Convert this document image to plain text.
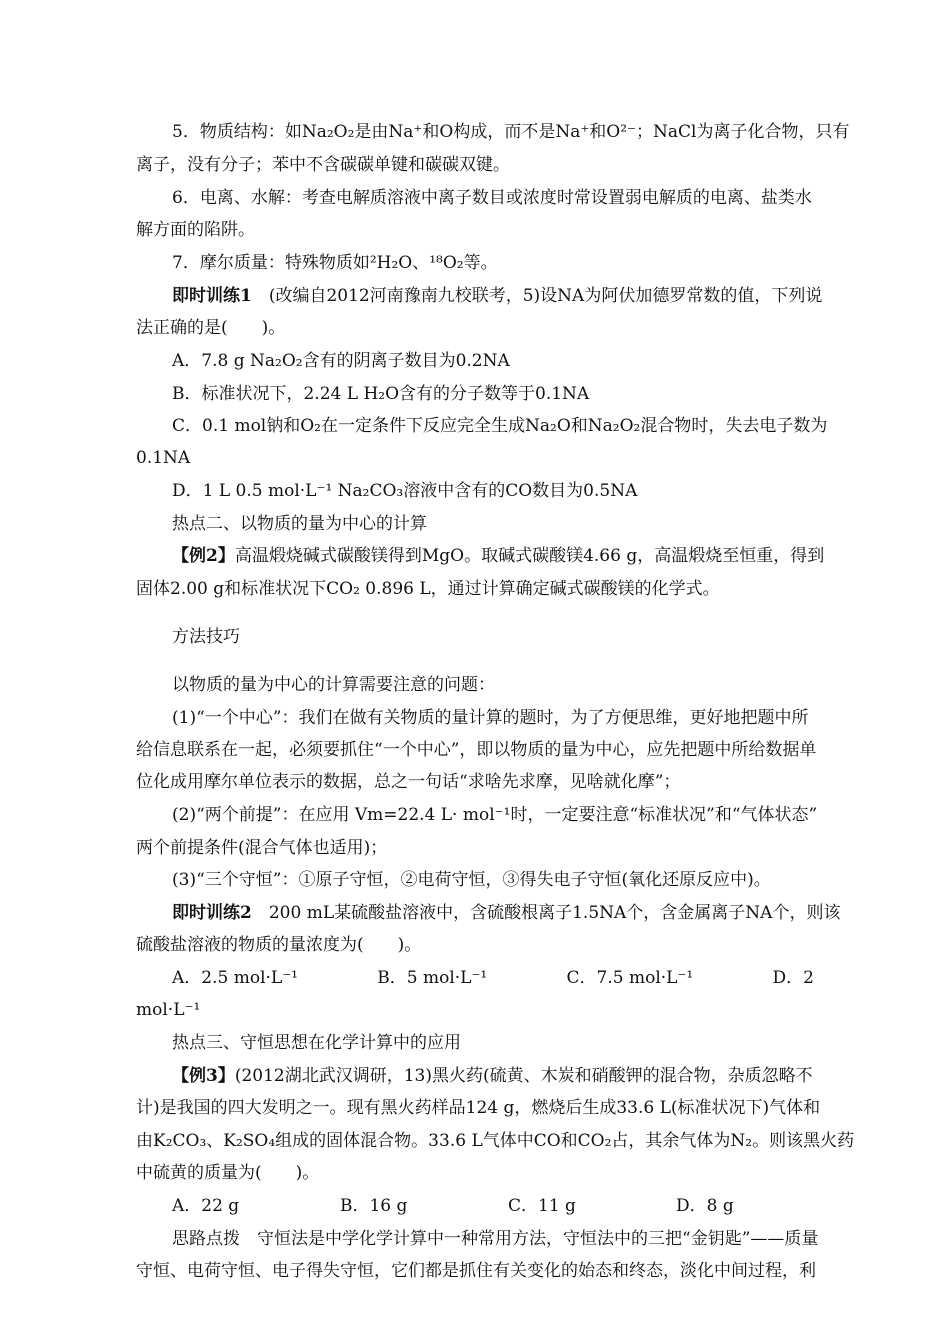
5．物质结构：如Na₂O₂是由Na⁺和O构成，而不是Na⁺和O²⁻；NaCl为离子化合物，只有
离子，没有分子；苯中不含碳碳单键和碳碳双键。
6．电离、水解：考查电解质溶液中离子数目或浓度时常设置弱电解质的电离、盐类水
解方面的陷阱。
7．摩尔质量：特殊物质如²H₂O、¹⁸O₂等。
即时训练1　(改编自2012河南豫南九校联考，5)设NA为阿伏加德罗常数的值，下列说
法正确的是(　　)。
A．7.8 g Na₂O₂含有的阴离子数目为0.2NA
B．标准状况下，2.24 L H₂O含有的分子数等于0.1NA
C．0.1 mol钠和O₂在一定条件下反应完全生成Na₂O和Na₂O₂混合物时，失去电子数为
0.1NA
D．1 L 0.5 mol·L⁻¹ Na₂CO₃溶液中含有的CO数目为0.5NA
热点二、以物质的量为中心的计算
【例2】高温煅烧碱式碳酸镁得到MgO。取碱式碳酸镁4.66 g，高温煅烧至恒重，得到
固体2.00 g和标准状况下CO₂ 0.896 L，通过计算确定碱式碳酸镁的化学式。
方法技巧
以物质的量为中心的计算需要注意的问题：
(1)“一个中心”：我们在做有关物质的量计算的题时，为了方便思维，更好地把题中所
给信息联系在一起，必须要抓住“一个中心”，即以物质的量为中心，应先把题中所给数据单
位化成用摩尔单位表示的数据，总之一句话“求啥先求摩，见啥就化摩”；
(2)“两个前提”：在应用 Vm=22.4 L· mol⁻¹时，一定要注意“标准状况”和“气体状态”
两个前提条件(混合气体也适用)；
(3)“三个守恒”：①原子守恒，②电荷守恒，③得失电子守恒(氧化还原反应中)。
即时训练2　200 mL某硫酸盐溶液中，含硫酸根离子1.5NA个，含金属离子NA个，则该
硫酸盐溶液的物质的量浓度为(　　)。
A．2.5 mol·L⁻¹	B．5 mol·L⁻¹	C．7.5 mol·L⁻¹	D．2
mol·L⁻¹
热点三、守恒思想在化学计算中的应用
【例3】(2012湖北武汉调研，13)黑火药(硫黄、木炭和硝酸钾的混合物，杂质忽略不
计)是我国的四大发明之一。现有黑火药样品124 g，燃烧后生成33.6 L(标准状况下)气体和
由K₂CO₃、K₂SO₄组成的固体混合物。33.6 L气体中CO和CO₂占，其余气体为N₂。则该黑火药
中硫黄的质量为(　　)。
A．22 g	B．16 g	C．11 g	D．8 g
思路点拨　守恒法是中学化学计算中一种常用方法，守恒法中的三把“金钥匙”——质量
守恒、电荷守恒、电子得失守恒，它们都是抓住有关变化的始态和终态，淡化中间过程，利
